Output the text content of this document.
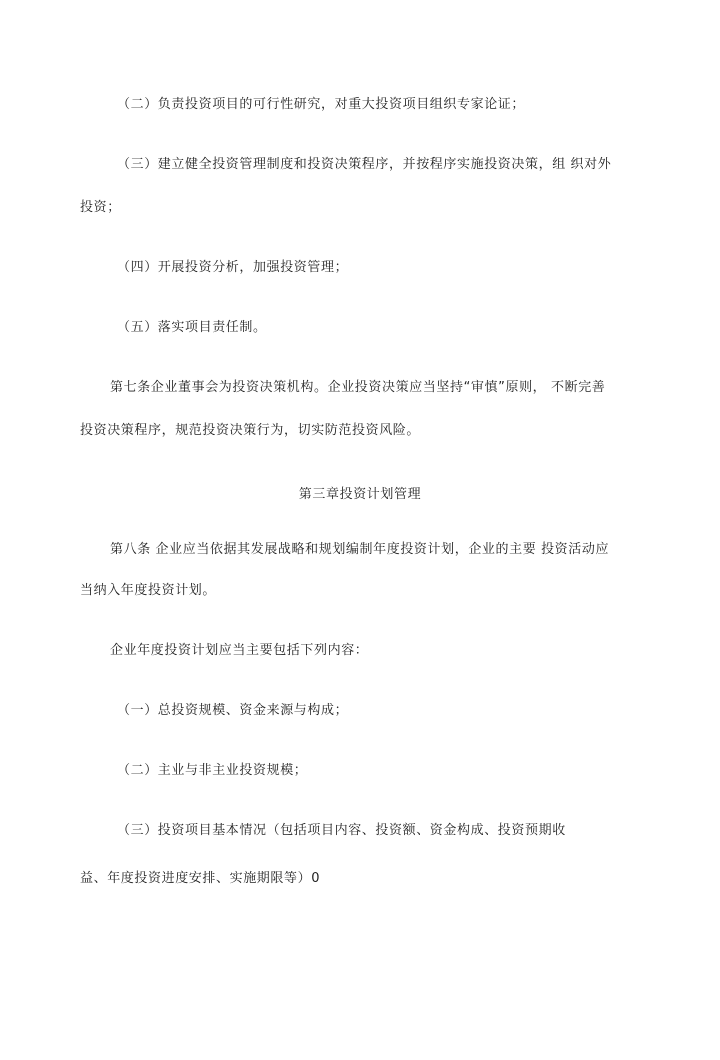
（二）负责投资项目的可行性研究，对重大投资项目组织专家论证；
（三）建立健全投资管理制度和投资决策程序，并按程序实施投资决策，组 织对外
投资；
（四）开展投资分析，加强投资管理；
（五）落实项目责任制。
第七条企业董事会为投资决策机构。企业投资决策应当坚持“审慎”原则， 不断完善
投资决策程序，规范投资决策行为，切实防范投资风险。
第三章投资计划管理
第八条 企业应当依据其发展战略和规划编制年度投资计划，企业的主要 投资活动应
当纳入年度投资计划。
企业年度投资计划应当主要包括下列内容：
（一）总投资规模、资金来源与构成；
（二）主业与非主业投资规模；
（三）投资项目基本情况（包括项目内容、投资额、资金构成、投资预期收
益、年度投资进度安排、实施期限等）0
